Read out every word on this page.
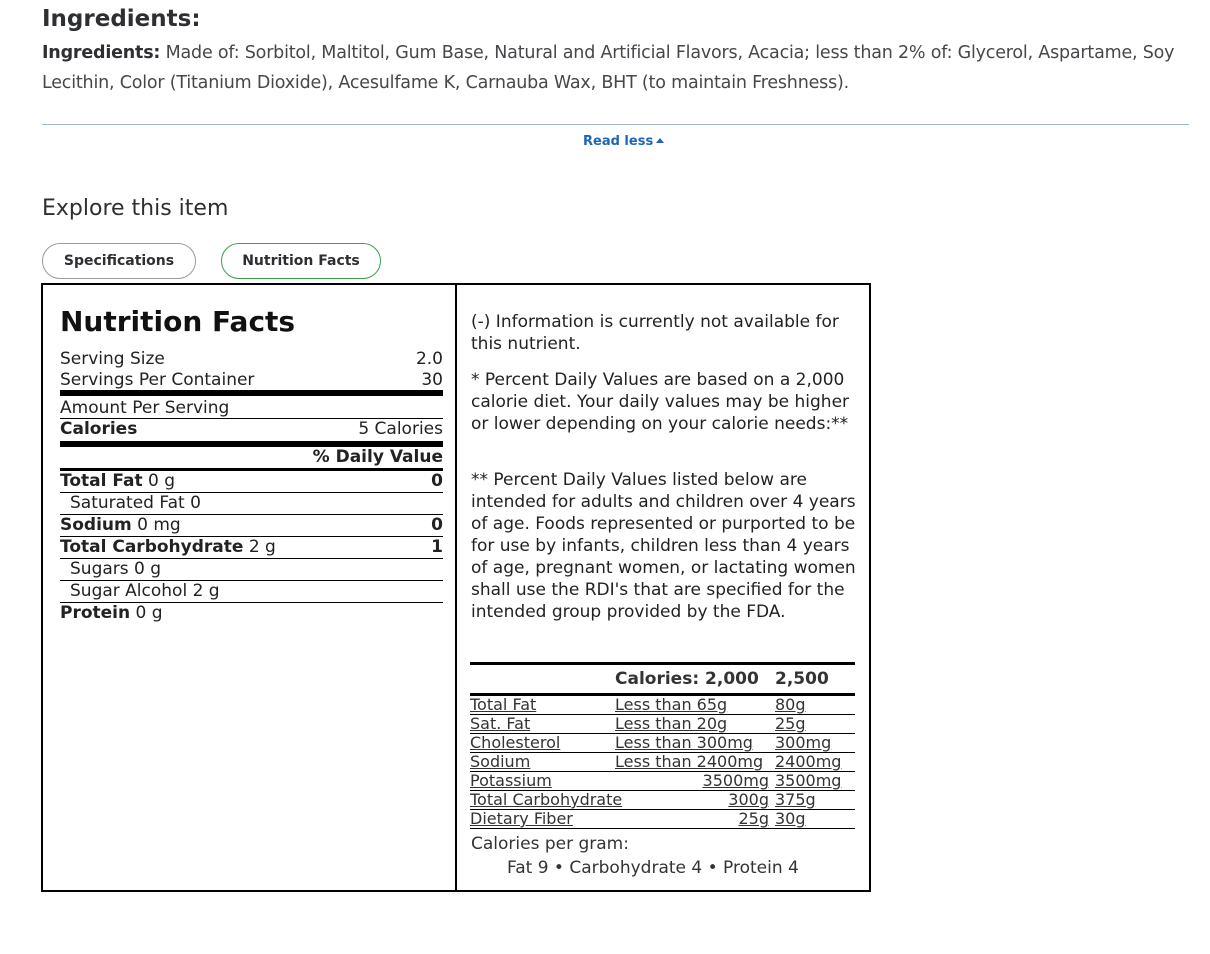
Ingredients:
Ingredients: Made of: Sorbitol, Maltitol, Gum Base, Natural and Artificial Flavors, Acacia; less than 2% of: Glycerol, Aspartame, Soy Lecithin, Color (Titanium Dioxide), Acesulfame K, Carnauba Wax, BHT (to maintain Freshness).
Read less
Explore this item
Specifications	Nutrition Facts
Nutrition Facts
Serving Size	2.0
Servings Per Container	30
Amount Per Serving
Calories	5 Calories
% Daily Value
Total Fat 0 g	0
Saturated Fat 0
Sodium 0 mg	0
Total Carbohydrate 2 g	1
Sugars 0 g
Sugar Alcohol 2 g
Protein 0 g
(-) Information is currently not available for this nutrient.
* Percent Daily Values are based on a 2,000 calorie diet. Your daily values may be higher or lower depending on your calorie needs:**
** Percent Daily Values listed below are intended for adults and children over 4 years of age. Foods represented or purported to be for use by infants, children less than 4 years of age, pregnant women, or lactating women shall use the RDI's that are specified for the intended group provided by the FDA.
Calories: 2,000 2,500
Total Fat	Less than 65g	80g
Sat. Fat	Less than 20g	25g
Cholesterol	Less than 300mg	300mg
Sodium	Less than 2400mg 2400mg
Potassium	3500mg 3500mg
Total Carbohydrate	300g 375g
Dietary Fiber	25g 30g
Calories per gram:
Fat 9 • Carbohydrate 4 • Protein 4
